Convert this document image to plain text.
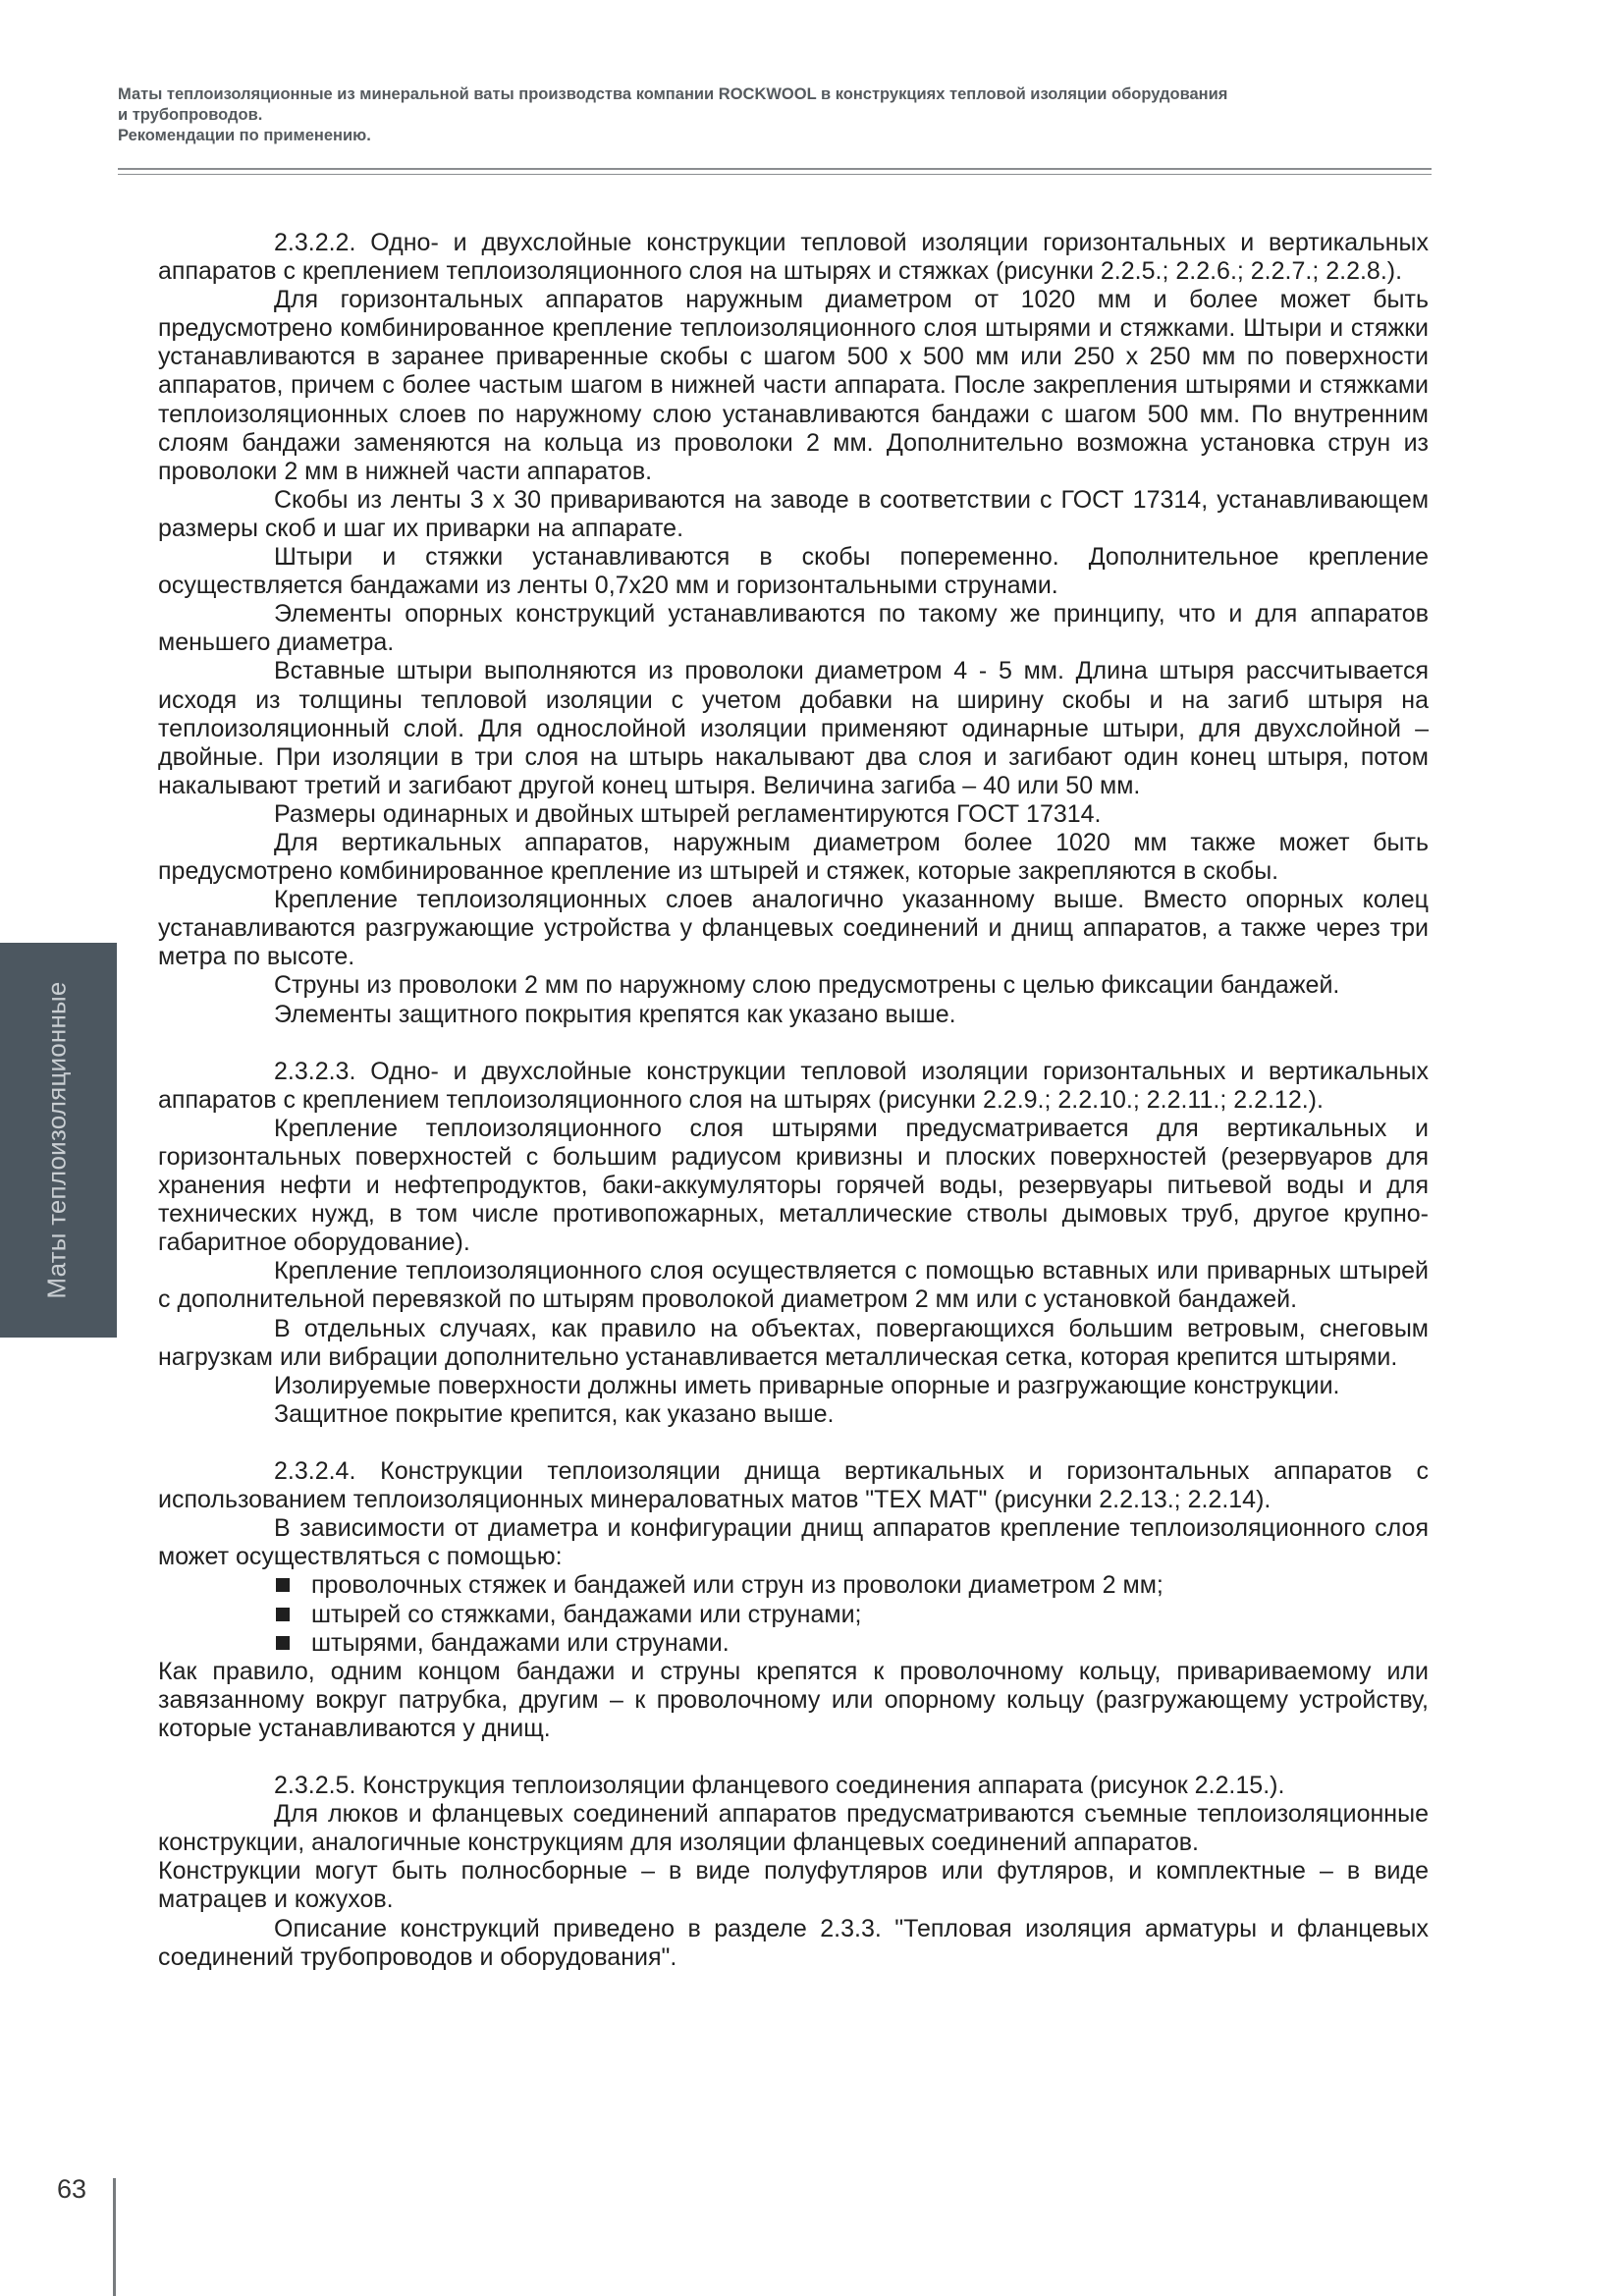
Маты теплоизоляционные из минеральной ваты производства компании ROCKWOOL в конструкциях тепловой изоляции оборудования

и трубопроводов.

Рекомендации по применению.

Маты теплоизоляционные

2.3.2.2. Одно- и двухслойные конструкции тепловой изоляции горизонтальных и вертикальных аппаратов с креплением теплоизоляционного слоя на штырях и стяжках (рисунки 2.2.5.; 2.2.6.; 2.2.7.; 2.2.8.).

Для горизонтальных аппаратов наружным диаметром от 1020 мм и более может быть предусмотрено комбинированное крепление теплоизоляционного слоя штырями и стяжками. Штыри и стяжки устанавливаются в заранее приваренные скобы с шагом 500 x 500 мм или 250 x 250 мм по поверхности аппаратов, причем с более частым шагом в нижней части аппарата. После закрепления штырями и стяжками теплоизоляционных слоев по наружному слою устанавливаются бандажи с шагом 500 мм. По внутренним слоям бандажи заменяются на кольца из проволоки 2 мм. Дополнительно возможна установка струн из проволоки 2 мм в нижней части аппаратов.

Скобы из ленты 3 x 30 привариваются на заводе в соответствии с ГОСТ 17314, устанавливающем размеры скоб и шаг их приварки на аппарате.

Штыри и стяжки устанавливаются в скобы попеременно. Дополнительное крепление осуществляется бандажами из ленты 0,7x20 мм и горизонтальными струнами.

Элементы опорных конструкций устанавливаются по такому же принципу, что и для аппаратов меньшего диаметра.

Вставные штыри выполняются из проволоки диаметром 4 - 5 мм. Длина штыря рассчитывается исходя из толщины тепловой изоляции с учетом добавки на ширину скобы и на загиб штыря на теплоизоляционный слой. Для однослойной изоляции применяют одинарные штыри, для двухслойной – двойные. При изоляции в три слоя на штырь накалывают два слоя и загибают один конец штыря, потом накалывают третий и загибают другой конец штыря. Величина загиба – 40 или 50 мм.

Размеры одинарных и двойных штырей регламентируются ГОСТ 17314.

Для вертикальных аппаратов, наружным диаметром более 1020 мм также может быть предусмотрено комбинированное крепление из штырей и стяжек, которые закрепляются в скобы.

Крепление теплоизоляционных слоев аналогично указанному выше. Вместо опорных колец устанавливаются разгружающие устройства у фланцевых соединений и днищ аппаратов, а также через три метра по высоте.

Струны из проволоки 2 мм по наружному слою предусмотрены с целью фиксации бандажей.

Элементы защитного покрытия крепятся как указано выше.

2.3.2.3. Одно- и двухслойные конструкции тепловой изоляции горизонтальных и вертикальных аппаратов с креплением теплоизоляционного слоя на штырях (рисунки 2.2.9.; 2.2.10.; 2.2.11.; 2.2.12.).

Крепление теплоизоляционного слоя штырями предусматривается для вертикальных и горизонтальных поверхностей с большим радиусом кривизны и плоских поверхностей (резервуаров для хранения нефти и нефтепродуктов, баки-аккумуляторы горячей воды, резервуары питьевой воды и для технических нужд, в том числе противопожарных, металлические стволы дымовых труб, другое крупно-габаритное оборудование).

Крепление теплоизоляционного слоя осуществляется с помощью вставных или приварных штырей с дополнительной перевязкой по штырям проволокой диаметром 2 мм или с установкой бандажей.

В отдельных случаях, как правило на объектах, повергающихся большим ветровым, снеговым нагрузкам или вибрации дополнительно устанавливается металлическая сетка, которая крепится штырями.

Изолируемые поверхности должны иметь приварные опорные и разгружающие конструкции.

Защитное покрытие крепится, как указано выше.

2.3.2.4. Конструкции теплоизоляции днища вертикальных и горизонтальных аппаратов с использованием теплоизоляционных минераловатных матов "ТЕХ МАТ" (рисунки 2.2.13.; 2.2.14).

В зависимости от диаметра и конфигурации днищ аппаратов крепление теплоизоляционного слоя может осуществляться с помощью:

проволочных стяжек и бандажей или струн из проволоки диаметром 2 мм;
штырей со стяжками, бандажами или струнами;
штырями, бандажами или струнами.

Как правило, одним концом бандажи и струны крепятся к проволочному кольцу, привариваемому или завязанному вокруг патрубка, другим – к проволочному или опорному кольцу (разгружающему устройству, которые устанавливаются у днищ.

2.3.2.5. Конструкция теплоизоляции фланцевого соединения аппарата (рисунок 2.2.15.).

Для люков и фланцевых соединений аппаратов предусматриваются съемные теплоизоляционные конструкции, аналогичные конструкциям для изоляции фланцевых соединений аппаратов.

Конструкции могут быть полносборные – в виде полуфутляров или футляров, и комплектные – в виде матрацев и кожухов.

Описание конструкций приведено в разделе 2.3.3. "Тепловая изоляция арматуры и фланцевых соединений трубопроводов и оборудования".

63
